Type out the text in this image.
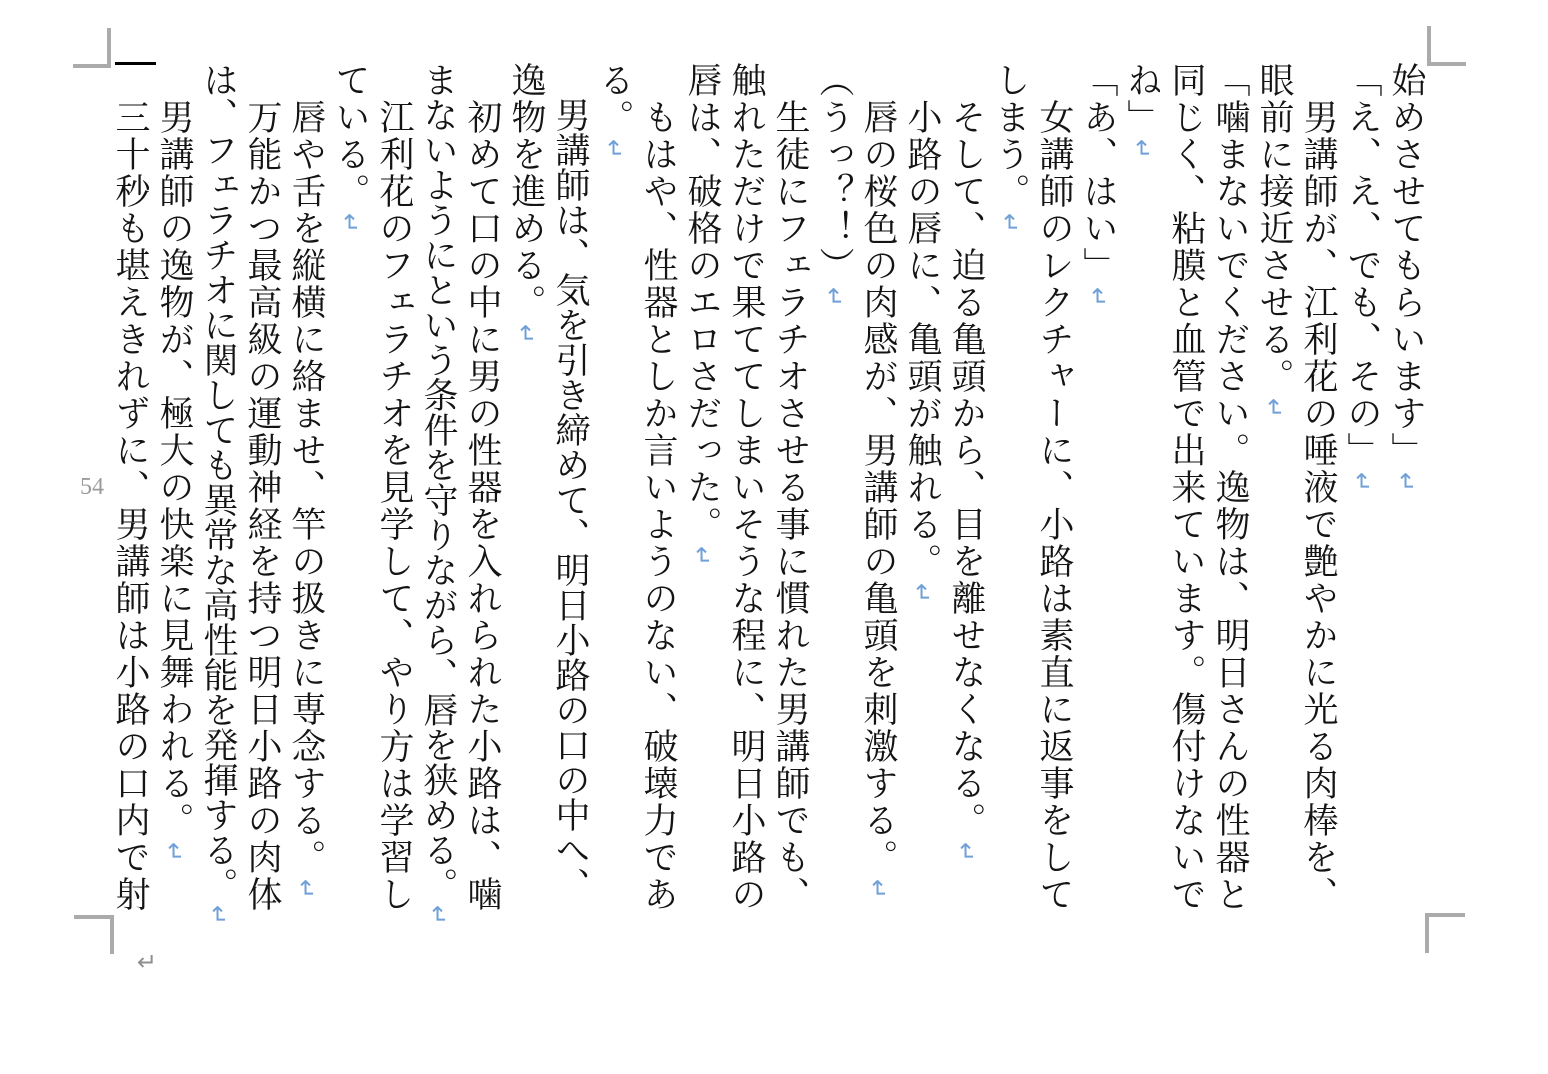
54
↵
始めさせてもらいます」↵
「え、え、でも、その」↵
　男講師が、江利花の唾液で艶やかに光る肉棒を、
眼前に接近させる。↵
「噛まないでください。逸物は、明日さんの性器と
同じく、粘膜と血管で出来ています。傷付けないで
ね」↵
「あ、はい」↵
　女講師のレクチャーに、小路は素直に返事をして
しまう。↵
　そして、迫る亀頭から、目を離せなくなる。↵
　小路の唇に、亀頭が触れる。↵
　唇の桜色の肉感が、男講師の亀頭を刺激する。↵
（うっ？！）↵
　生徒にフェラチオさせる事に慣れた男講師でも、
触れただけで果ててしまいそうな程に、明日小路の
唇は、破格のエロさだった。↵
　もはや、性器としか言いようのない、破壊力であ
る。↵
　男講師は、気を引き締めて、明日小路の口の中へ、
逸物を進める。↵
　初めて口の中に男の性器を入れられた小路は、噛
まないようにという条件を守りながら、唇を狭める。↵
　江利花のフェラチオを見学して、やり方は学習し
ている。↵
　唇や舌を縦横に絡ませ、竿の扱きに専念する。↵
　万能かつ最高級の運動神経を持つ明日小路の肉体
は、フェラチオに関しても異常な高性能を発揮する。↵
　男講師の逸物が、極大の快楽に見舞われる。↵
　三十秒も堪えきれずに、男講師は小路の口内で射
